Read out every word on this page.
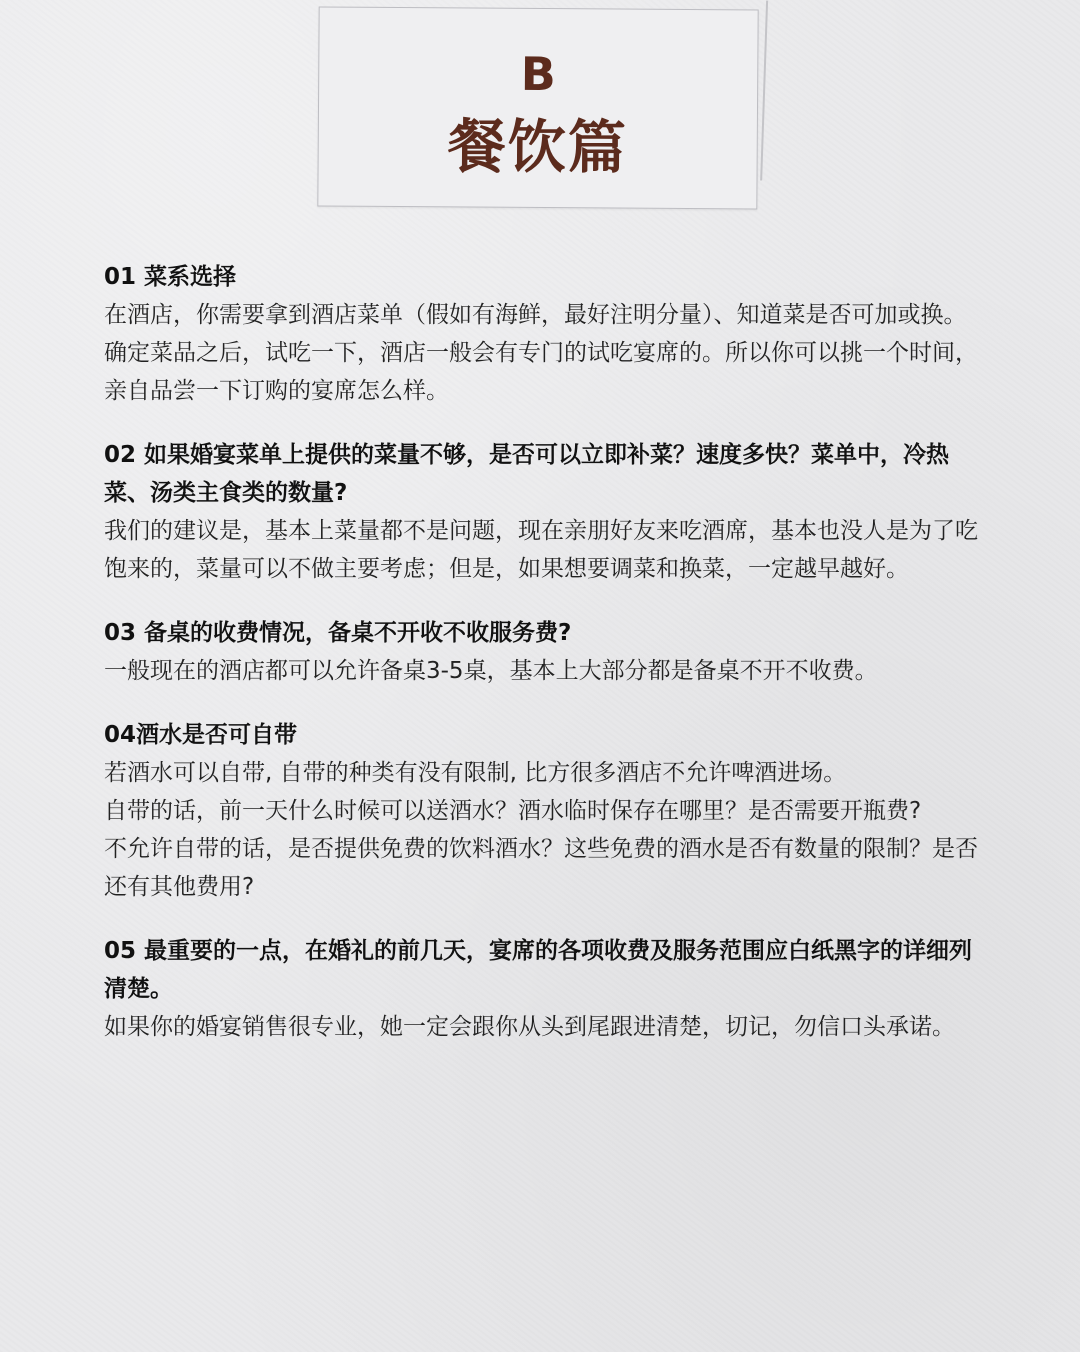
B
餐饮篇

01 菜系选择

在酒店，你需要拿到酒店菜单（假如有海鲜，最好注明分量）、知道菜是否可加或换。

确定菜品之后，试吃一下，酒店一般会有专门的试吃宴席的。所以你可以挑一个时间，亲自品尝一下订购的宴席怎么样。

02 如果婚宴菜单上提供的菜量不够，是否可以立即补菜？速度多快？菜单中，冷热菜、汤类主食类的数量?

我们的建议是，基本上菜量都不是问题，现在亲朋好友来吃酒席，基本也没人是为了吃饱来的，菜量可以不做主要考虑；但是，如果想要调菜和换菜，一定越早越好。

03 备桌的收费情况，备桌不开收不收服务费?

一般现在的酒店都可以允许备桌3-5桌，基本上大部分都是备桌不开不收费。

04酒水是否可自带

若酒水可以自带, 自带的种类有没有限制, 比方很多酒店不允许啤酒进场。

自带的话，前一天什么时候可以送酒水？酒水临时保存在哪里？是否需要开瓶费?

不允许自带的话，是否提供免费的饮料酒水？这些免费的酒水是否有数量的限制？是否还有其他费用?

05 最重要的一点，在婚礼的前几天，宴席的各项收费及服务范围应白纸黑字的详细列清楚。

如果你的婚宴销售很专业，她一定会跟你从头到尾跟进清楚，切记，勿信口头承诺。
